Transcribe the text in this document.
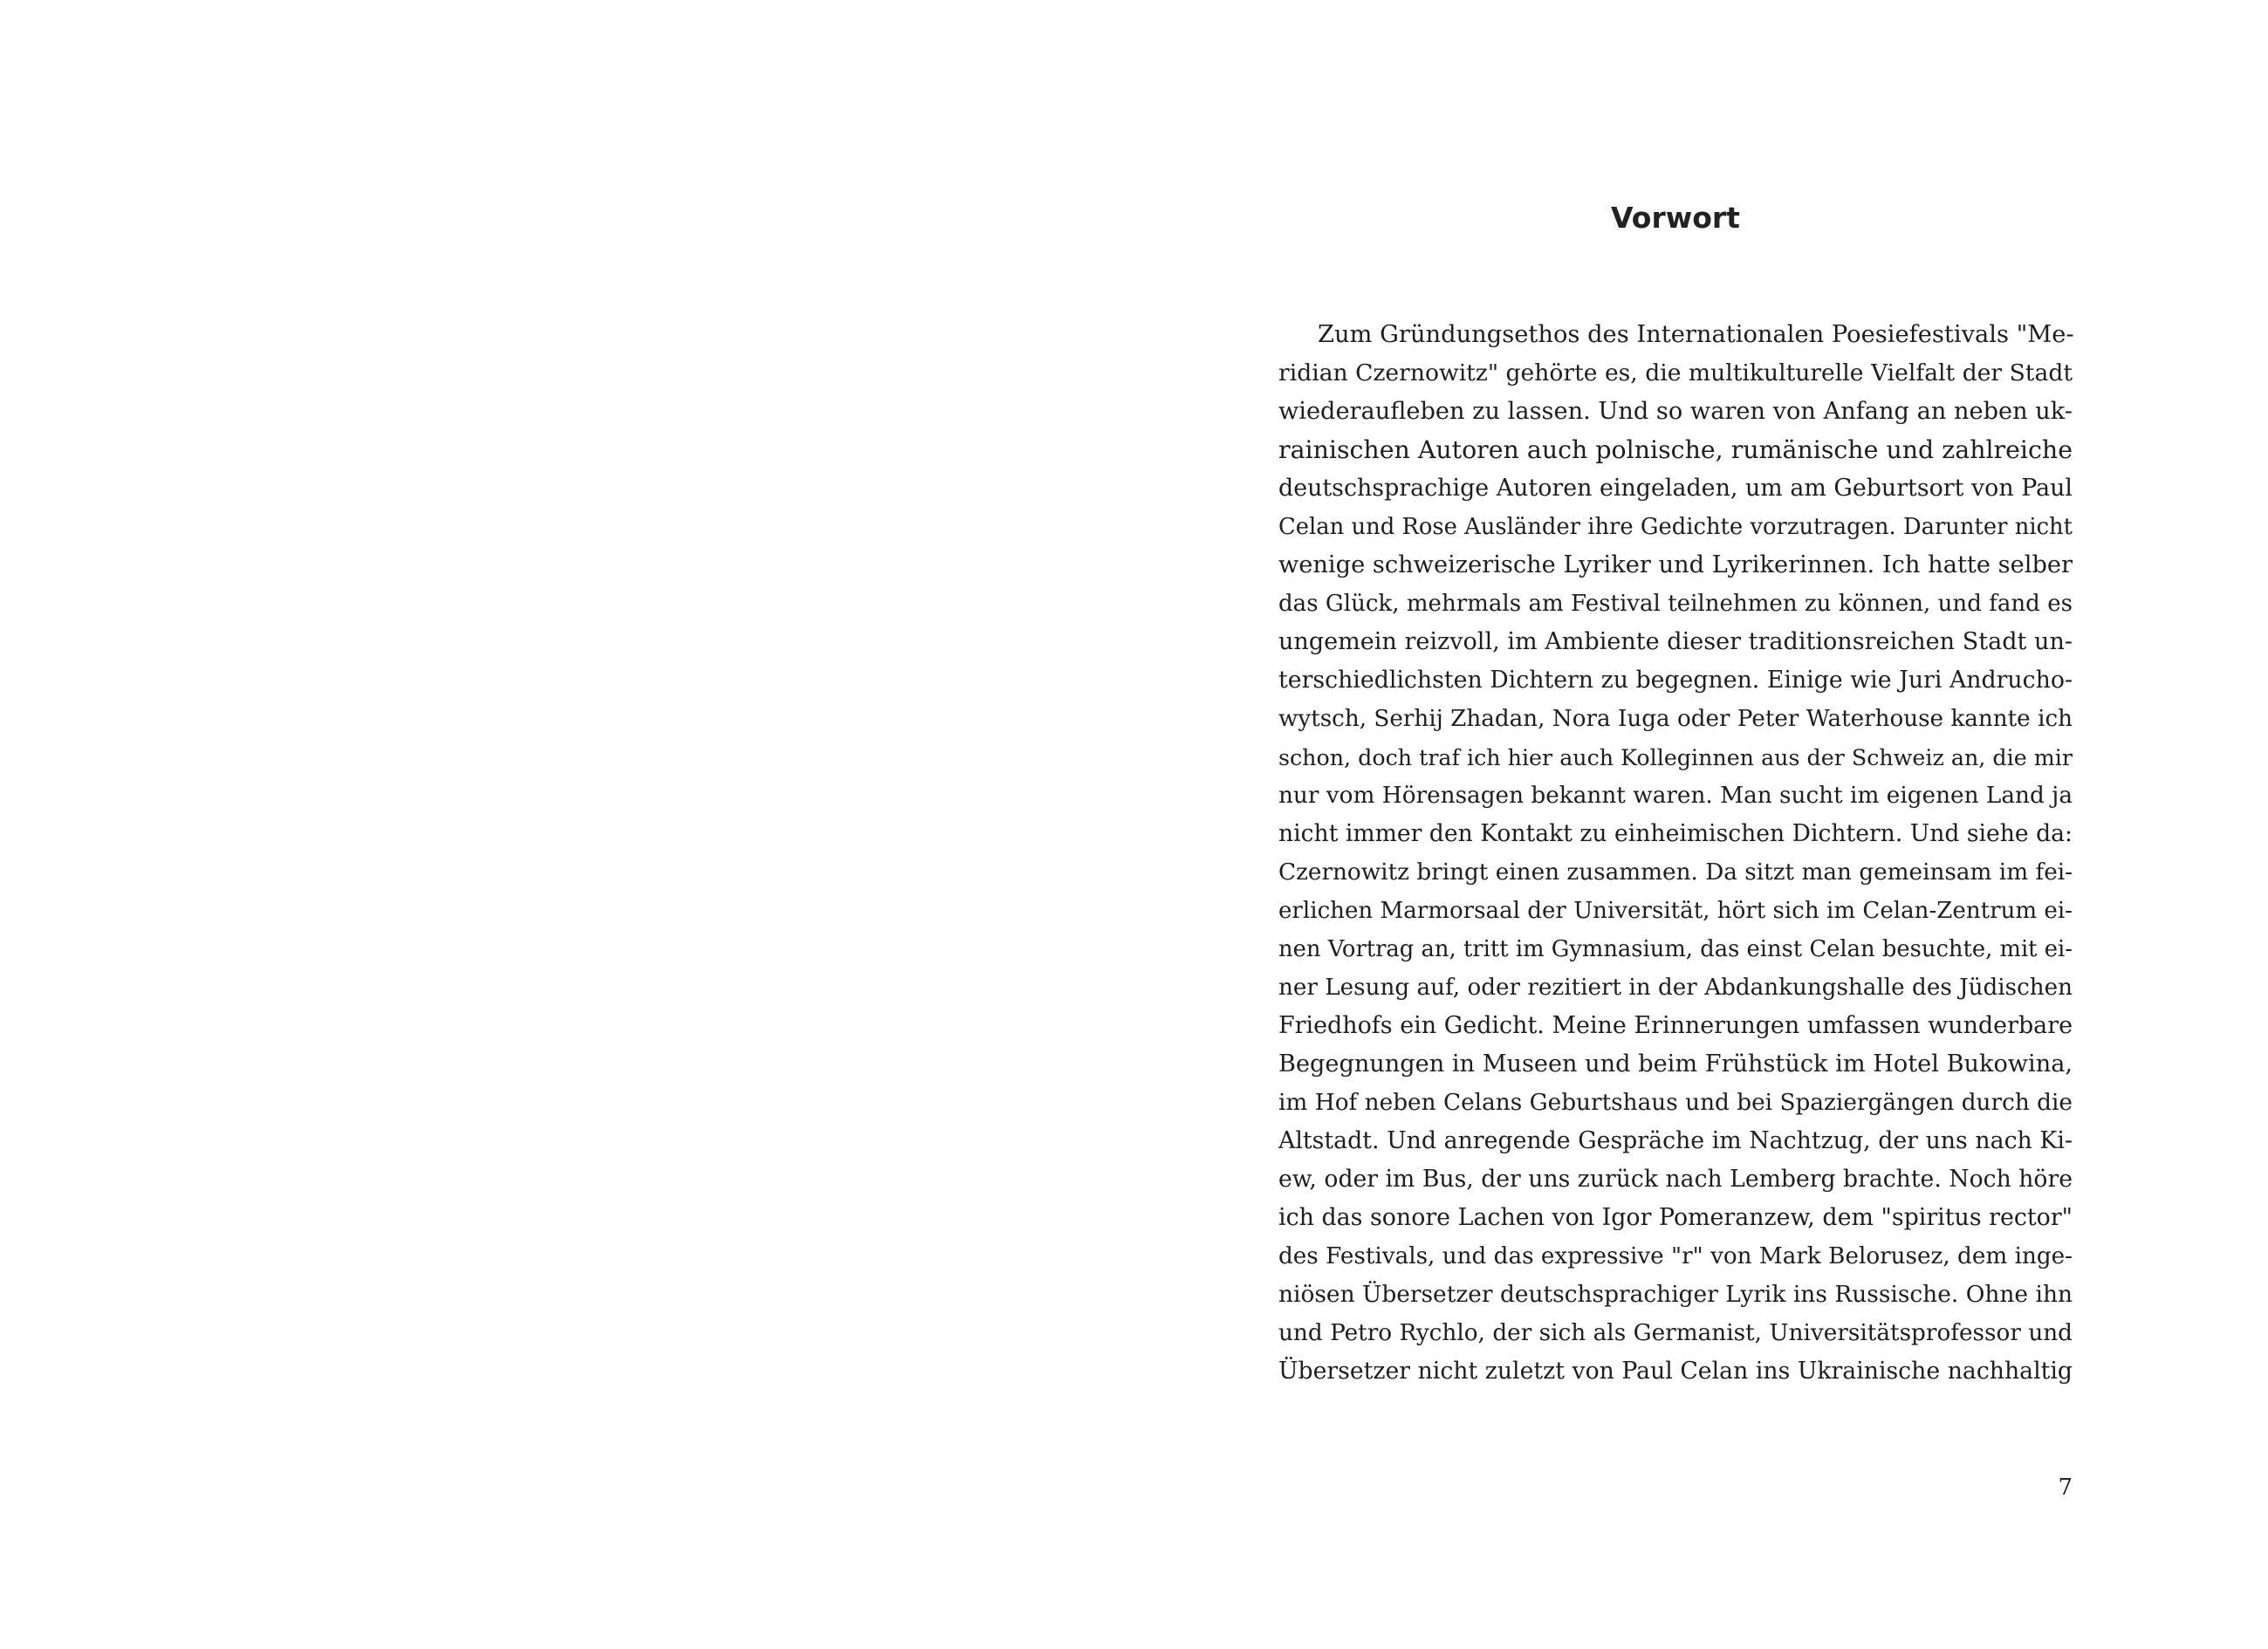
Vorwort
Zum Gründungsethos des Internationalen Poesiefestivals "Me-
ridian Czernowitz" gehörte es, die multikulturelle Vielfalt der Stadt
wiederaufleben zu lassen. Und so waren von Anfang an neben uk-
rainischen Autoren auch polnische, rumänische und zahlreiche
deutschsprachige Autoren eingeladen, um am Geburtsort von Paul
Celan und Rose Ausländer ihre Gedichte vorzutragen. Darunter nicht
wenige schweizerische Lyriker und Lyrikerinnen. Ich hatte selber
das Glück, mehrmals am Festival teilnehmen zu können, und fand es
ungemein reizvoll, im Ambiente dieser traditionsreichen Stadt un-
terschiedlichsten Dichtern zu begegnen. Einige wie Juri Andrucho-
wytsch, Serhij Zhadan, Nora Iuga oder Peter Waterhouse kannte ich
schon, doch traf ich hier auch Kolleginnen aus der Schweiz an, die mir
nur vom Hörensagen bekannt waren. Man sucht im eigenen Land ja
nicht immer den Kontakt zu einheimischen Dichtern. Und siehe da:
Czernowitz bringt einen zusammen. Da sitzt man gemeinsam im fei-
erlichen Marmorsaal der Universität, hört sich im Celan-Zentrum ei-
nen Vortrag an, tritt im Gymnasium, das einst Celan besuchte, mit ei-
ner Lesung auf, oder rezitiert in der Abdankungshalle des Jüdischen
Friedhofs ein Gedicht. Meine Erinnerungen umfassen wunderbare
Begegnungen in Museen und beim Frühstück im Hotel Bukowina,
im Hof neben Celans Geburtshaus und bei Spaziergängen durch die
Altstadt. Und anregende Gespräche im Nachtzug, der uns nach Ki-
ew, oder im Bus, der uns zurück nach Lemberg brachte. Noch höre
ich das sonore Lachen von Igor Pomeranzew, dem "spiritus rector"
des Festivals, und das expressive "r" von Mark Belorusez, dem inge-
niösen Übersetzer deutschsprachiger Lyrik ins Russische. Ohne ihn
und Petro Rychlo, der sich als Germanist, Universitätsprofessor und
Übersetzer nicht zuletzt von Paul Celan ins Ukrainische nachhaltig
7
